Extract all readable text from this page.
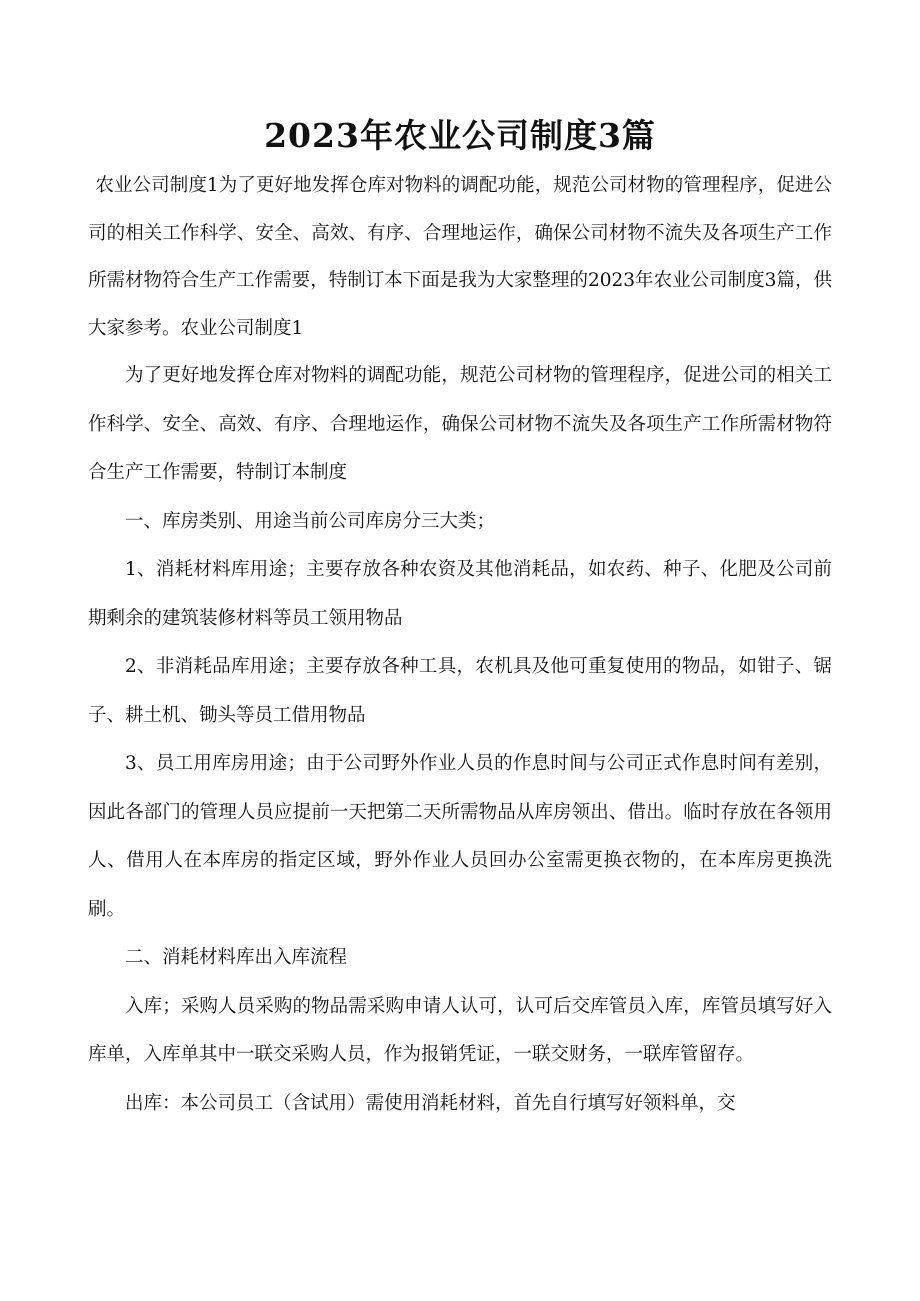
2023年农业公司制度3篇

农业公司制度1为了更好地发挥仓库对物料的调配功能，规范公司材物的管理程序，促进公司的相关工作科学、安全、高效、有序、合理地运作，确保公司材物不流失及各项生产工作所需材物符合生产工作需要，特制订本下面是我为大家整理的2023年农业公司制度3篇，供大家参考。农业公司制度1

为了更好地发挥仓库对物料的调配功能，规范公司材物的管理程序，促进公司的相关工作科学、安全、高效、有序、合理地运作，确保公司材物不流失及各项生产工作所需材物符合生产工作需要，特制订本制度

一、库房类别、用途当前公司库房分三大类；

1、消耗材料库用途；主要存放各种农资及其他消耗品，如农药、种子、化肥及公司前期剩余的建筑装修材料等员工领用物品

2、非消耗品库用途；主要存放各种工具，农机具及他可重复使用的物品，如钳子、锯子、耕土机、锄头等员工借用物品

3、员工用库房用途；由于公司野外作业人员的作息时间与公司正式作息时间有差别，因此各部门的管理人员应提前一天把第二天所需物品从库房领出、借出。临时存放在各领用人、借用人在本库房的指定区域，野外作业人员回办公室需更换衣物的，在本库房更换洗刷。

二、消耗材料库出入库流程

入库；采购人员采购的物品需采购申请人认可，认可后交库管员入库，库管员填写好入库单，入库单其中一联交采购人员，作为报销凭证，一联交财务，一联库管留存。

出库：本公司员工（含试用）需使用消耗材料，首先自行填写好领料单，交
